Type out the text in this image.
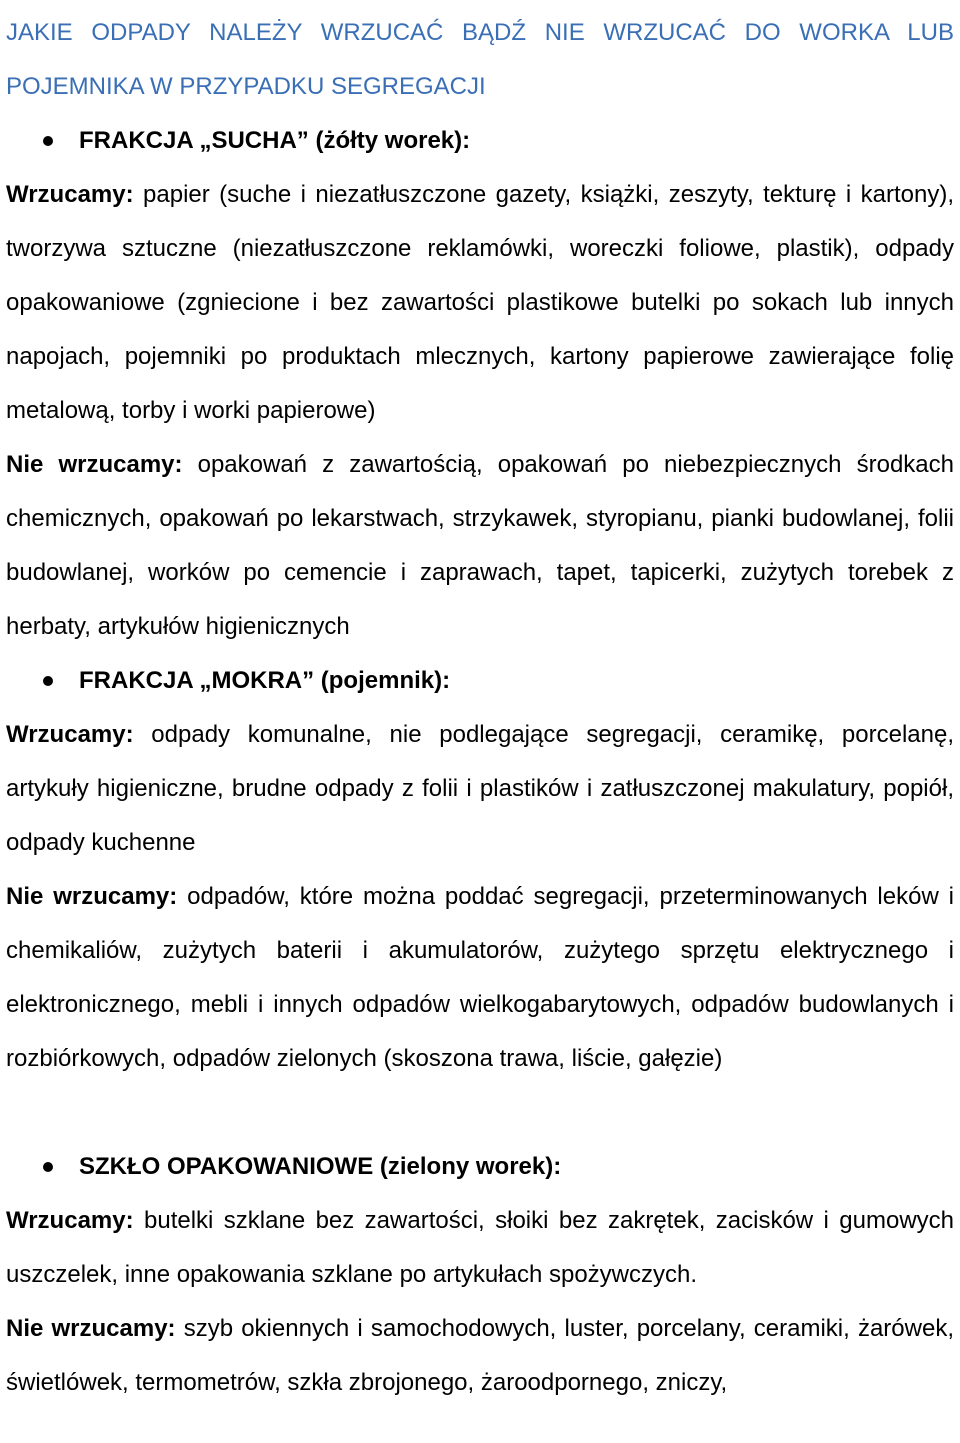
JAKIE ODPADY NALEŻY WRZUCAĆ BĄDŹ NIE WRZUCAĆ DO WORKA LUB POJEMNIKA W PRZYPADKU SEGREGACJI
FRAKCJA „SUCHA” (żółty worek):

Wrzucamy: papier (suche i niezatłuszczone gazety, książki, zeszyty, tekturę i kartony), tworzywa sztuczne (niezatłuszczone reklamówki, woreczki foliowe, plastik), odpady opakowaniowe (zgniecione i bez zawartości plastikowe butelki po sokach lub innych napojach, pojemniki po produktach mlecznych, kartony papierowe zawierające folię metalową, torby i worki papierowe)

Nie wrzucamy: opakowań z zawartością, opakowań po niebezpiecznych środkach chemicznych, opakowań po lekarstwach, strzykawek, styropianu, pianki budowlanej, folii budowlanej, worków po cemencie i zaprawach, tapet, tapicerki, zużytych torebek z herbaty, artykułów higienicznych

FRAKCJA „MOKRA” (pojemnik):

Wrzucamy: odpady komunalne, nie podlegające segregacji, ceramikę, porcelanę, artykuły higieniczne, brudne odpady z folii i plastików i zatłuszczonej makulatury, popiół, odpady kuchenne

Nie wrzucamy: odpadów, które można poddać segregacji, przeterminowanych leków i chemikaliów, zużytych baterii i akumulatorów, zużytego sprzętu elektrycznego i elektronicznego, mebli i innych odpadów wielkogabarytowych, odpadów budowlanych i rozbiórkowych, odpadów zielonych (skoszona trawa, liście, gałęzie)

SZKŁO OPAKOWANIOWE (zielony worek):

Wrzucamy: butelki szklane bez zawartości, słoiki bez zakrętek, zacisków i gumowych uszczelek, inne opakowania szklane po artykułach spożywczych.

Nie wrzucamy: szyb okiennych i samochodowych, luster, porcelany, ceramiki, żarówek, świetlówek, termometrów, szkła zbrojonego, żaroodpornego, zniczy,
